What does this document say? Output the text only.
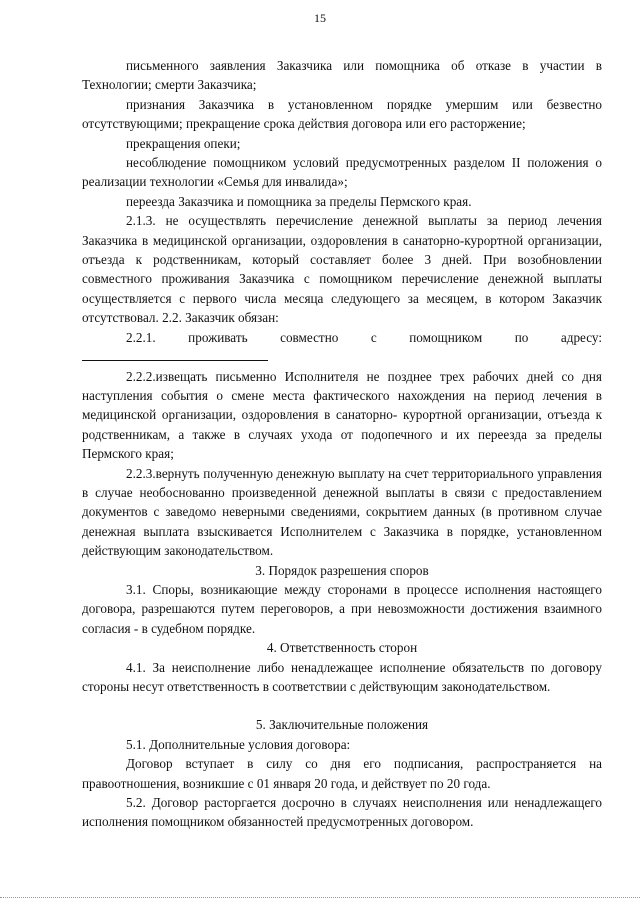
15

письменного заявления Заказчика или помощника об отказе в участии в Технологии; смерти Заказчика;

признания Заказчика в установленном порядке умершим или безвестно отсутствующими; прекращение срока действия договора или его расторжение;

прекращения опеки;

несоблюдение помощником условий предусмотренных разделом II положения о реализации технологии «Семья для инвалида»;

переезда Заказчика и помощника за пределы Пермского края.

2.1.3. не осуществлять перечисление денежной выплаты за период лечения Заказчика в медицинской организации, оздоровления в санаторно-курортной организации, отъезда к родственникам, который составляет более 3 дней. При возобновлении совместного проживания Заказчика с помощником перечисление денежной выплаты осуществляется с первого числа месяца следующего за месяцем, в котором Заказчик отсутствовал. 2.2. Заказчик обязан:

2.2.1. проживать совместно с помощником по адресу:

2.2.2.извещать письменно Исполнителя не позднее трех рабочих дней со дня наступления события о смене места фактического нахождения на период лечения в медицинской организации, оздоровления в санаторно- курортной организации, отъезда к родственникам, а также в случаях ухода от подопечного и их переезда за пределы Пермского края;

2.2.3.вернуть полученную денежную выплату на счет территориального управления в случае необоснованно произведенной денежной выплаты в связи с предоставлением документов с заведомо неверными сведениями, сокрытием данных (в противном случае денежная выплата взыскивается Исполнителем с Заказчика в порядке, установленном действующим законодательством.

3. Порядок разрешения споров

3.1. Споры, возникающие между сторонами в процессе исполнения настоящего договора, разрешаются путем переговоров, а при невозможности достижения взаимного согласия - в судебном порядке.

4. Ответственность сторон

4.1. За неисполнение либо ненадлежащее исполнение обязательств по договору стороны несут ответственность в соответствии с действующим законодательством.

5. Заключительные положения

5.1. Дополнительные условия договора:

Договор вступает в силу со дня его подписания, распространяется на правоотношения, возникшие с 01 января 20 года, и действует по 20 года.

5.2. Договор расторгается досрочно в случаях неисполнения или ненадлежащего исполнения помощником обязанностей предусмотренных договором.
